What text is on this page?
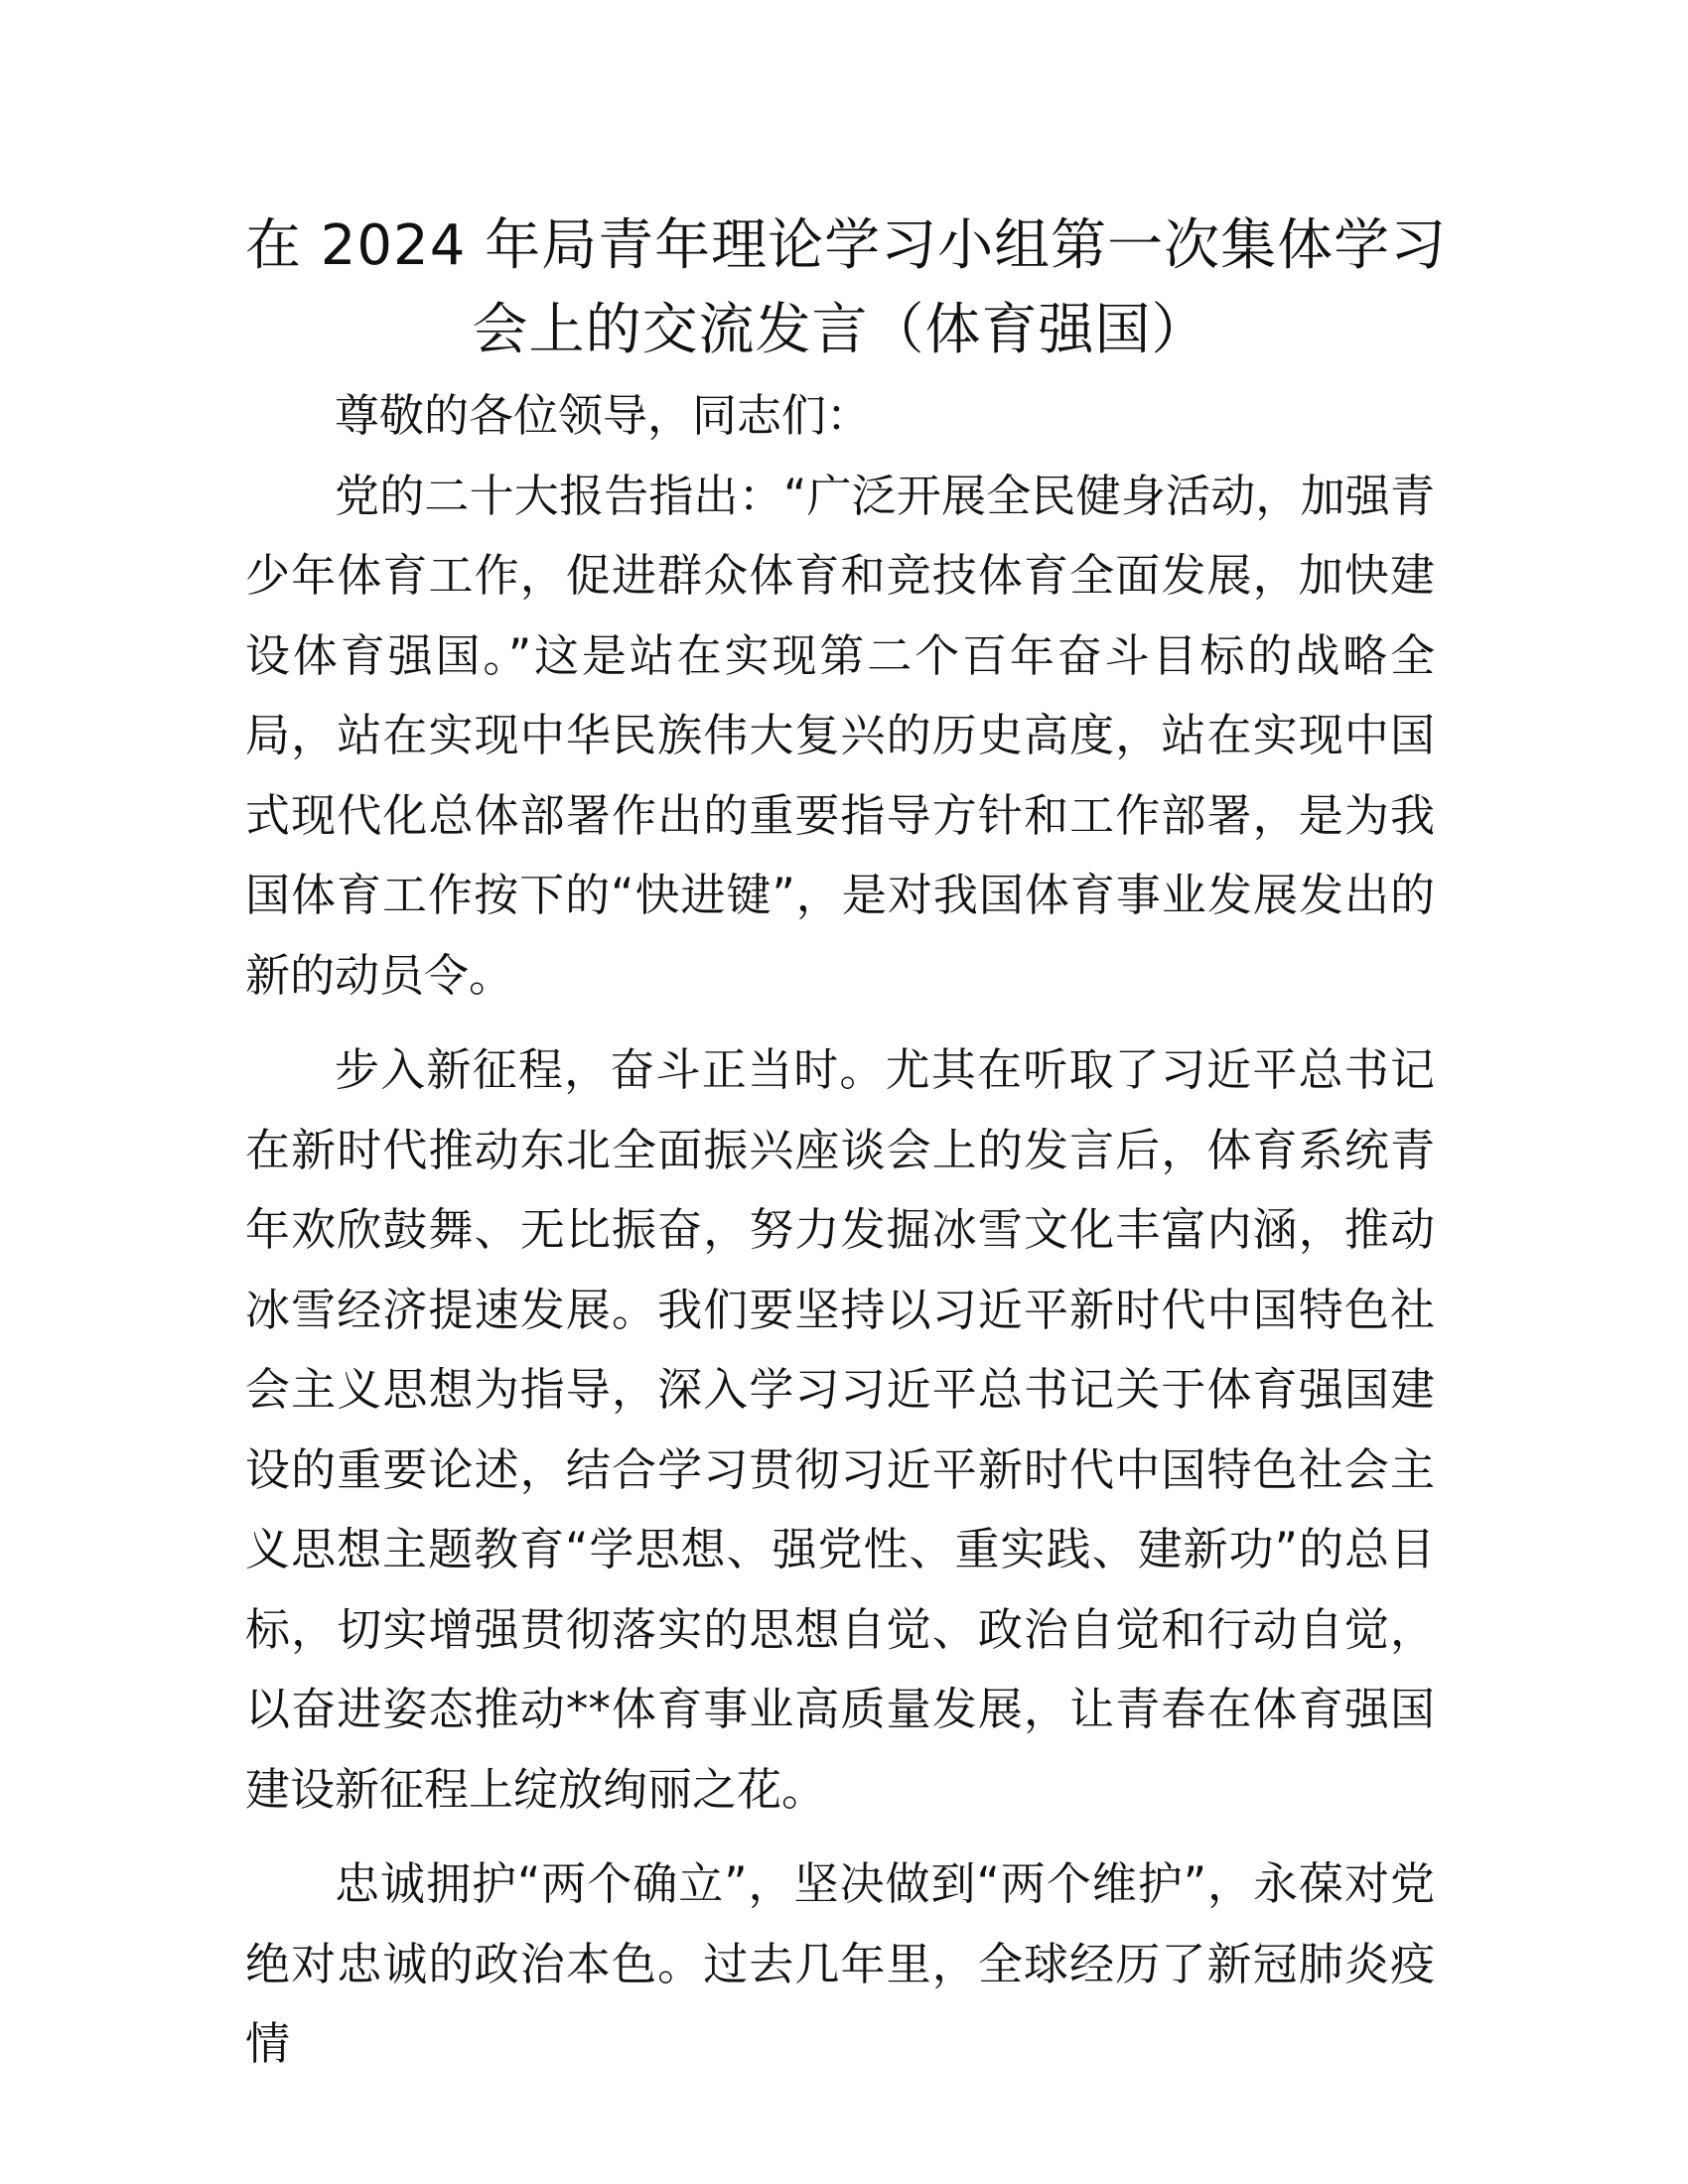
在 2024 年局青年理论学习小组第一次集体学习
会上的交流发言（体育强国）

尊敬的各位领导，同志们：

党的二十大报告指出：“广泛开展全民健身活动，加强青少年体育工作，促进群众体育和竞技体育全面发展，加快建设体育强国。”这是站在实现第二个百年奋斗目标的战略全局，站在实现中华民族伟大复兴的历史高度，站在实现中国式现代化总体部署作出的重要指导方针和工作部署，是为我国体育工作按下的“快进键”，是对我国体育事业发展发出的新的动员令。

步入新征程，奋斗正当时。尤其在听取了习近平总书记在新时代推动东北全面振兴座谈会上的发言后，体育系统青年欢欣鼓舞、无比振奋，努力发掘冰雪文化丰富内涵，推动冰雪经济提速发展。我们要坚持以习近平新时代中国特色社会主义思想为指导，深入学习习近平总书记关于体育强国建设的重要论述，结合学习贯彻习近平新时代中国特色社会主义思想主题教育“学思想、强党性、重实践、建新功”的总目标，切实增强贯彻落实的思想自觉、政治自觉和行动自觉，以奋进姿态推动**体育事业高质量发展，让青春在体育强国建设新征程上绽放绚丽之花。

忠诚拥护“两个确立”，坚决做到“两个维护”，永葆对党绝对忠诚的政治本色。过去几年里，全球经历了新冠肺炎疫情
